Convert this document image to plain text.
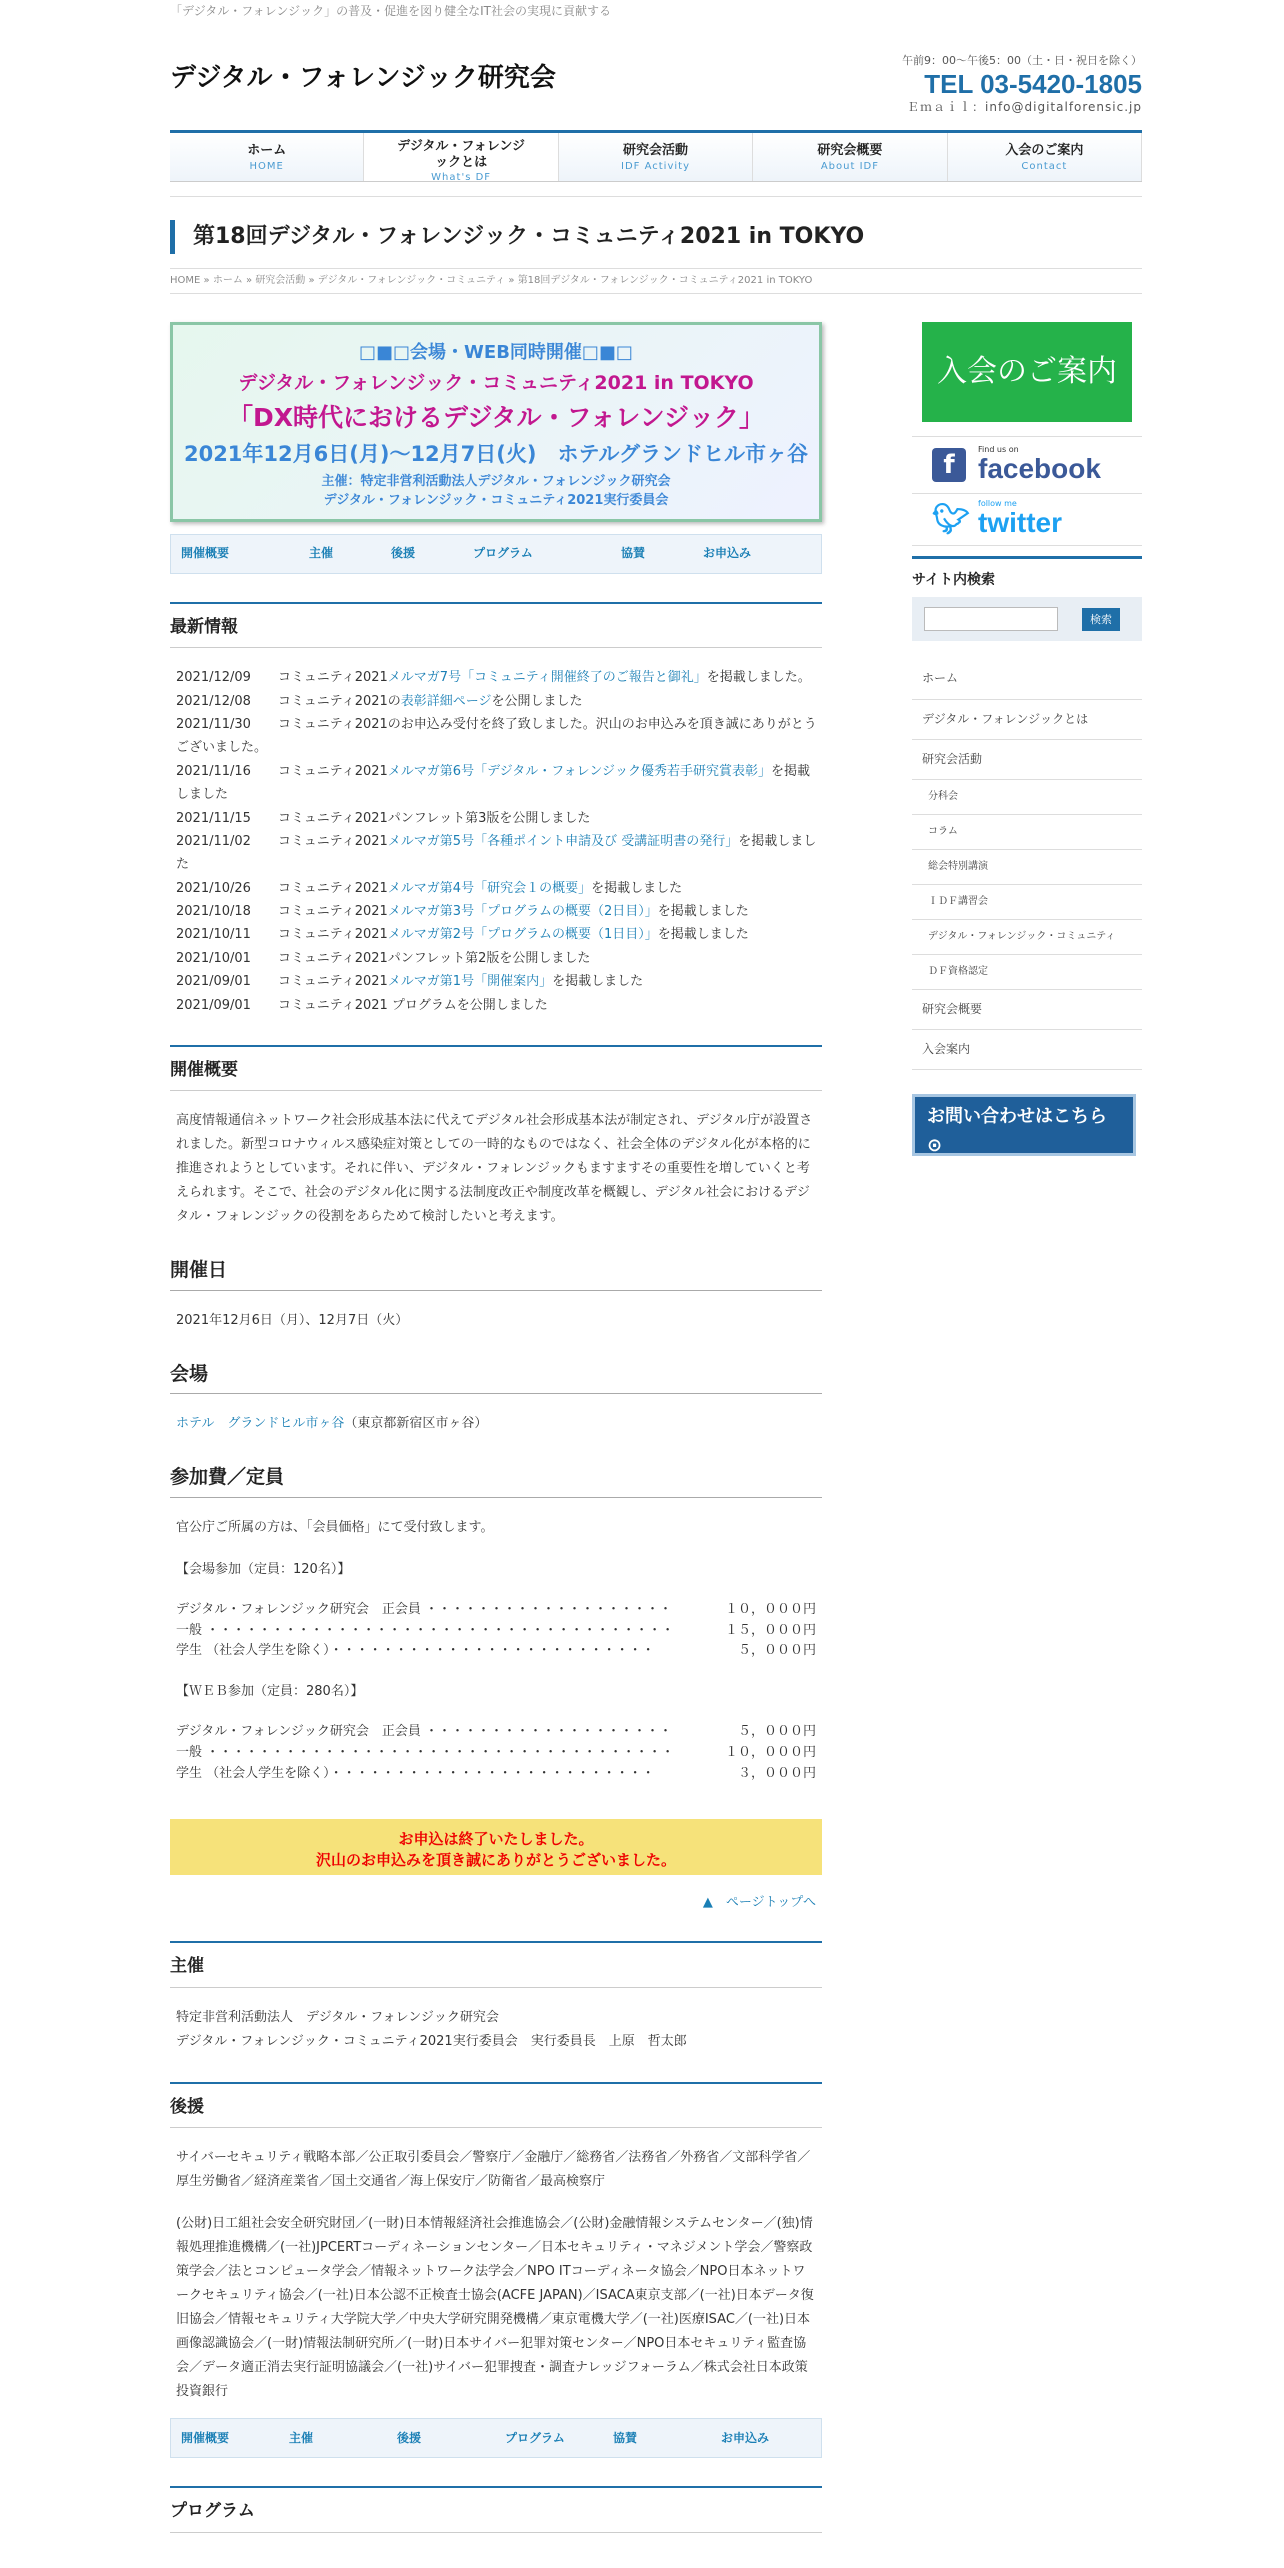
「デジタル・フォレンジック」の普及・促進を図り健全なIT社会の実現に貢献する
デジタル・フォレンジック研究会
午前9：00～午後5：00（土・日・祝日を除く）
TEL 03-5420-1805
Ｅｍａｉｌ：info@digitalforensic.jp
ホーム
HOME
デジタル・フォレンジックとは
What's DF
研究会活動
IDF Activity
研究会概要
About IDF
入会のご案内
Contact
第18回デジタル・フォレンジック・コミュニティ2021 in TOKYO
HOME » ホーム » 研究会活動 » デジタル・フォレンジック・コミュニティ » 第18回デジタル・フォレンジック・コミュニティ2021 in TOKYO
□■□会場・WEB同時開催□■□
デジタル・フォレンジック・コミュニティ2021 in TOKYO
「DX時代におけるデジタル・フォレンジック」
2021年12月6日(月)～12月7日(火)　ホテルグランドヒル市ヶ谷
主催：特定非営利活動法人デジタル・フォレンジック研究会
デジタル・フォレンジック・コミュニティ2021実行委員会
開催概要	主催	後援	プログラム	協賛	お申込み
最新情報
2021/12/09 コミュニティ2021メルマガ7号「コミュニティ開催終了のご報告と御礼」を掲載しました。
2021/12/08 コミュニティ2021の表彰詳細ページを公開しました
2021/11/30 コミュニティ2021のお申込み受付を終了致しました。沢山のお申込みを頂き誠にありがとうございました。
2021/11/16 コミュニティ2021メルマガ第6号「デジタル・フォレンジック優秀若手研究賞表彰」を掲載しました
2021/11/15 コミュニティ2021パンフレット第3版を公開しました
2021/11/02 コミュニティ2021メルマガ第5号「各種ポイント申請及び 受講証明書の発行」を掲載しました
2021/10/26 コミュニティ2021メルマガ第4号「研究会１の概要」を掲載しました
2021/10/18 コミュニティ2021メルマガ第3号「プログラムの概要（2日目）」を掲載しました
2021/10/11 コミュニティ2021メルマガ第2号「プログラムの概要（1日目）」を掲載しました
2021/10/01 コミュニティ2021パンフレット第2版を公開しました
2021/09/01 コミュニティ2021メルマガ第1号「開催案内」を掲載しました
2021/09/01 コミュニティ2021 プログラムを公開しました
開催概要
高度情報通信ネットワーク社会形成基本法に代えてデジタル社会形成基本法が制定され、デジタル庁が設置されました。新型コロナウィルス感染症対策としての一時的なものではなく、社会全体のデジタル化が本格的に推進されようとしています。それに伴い、デジタル・フォレンジックもますますその重要性を増していくと考えられます。そこで、社会のデジタル化に関する法制度改正や制度改革を概観し、デジタル社会におけるデジタル・フォレンジックの役割をあらためて検討したいと考えます。
開催日
2021年12月6日（月）、12月7日（火）
会場
ホテル　グランドヒル市ヶ谷（東京都新宿区市ヶ谷）
参加費／定員
官公庁ご所属の方は、「会員価格」にて受付致します。
【会場参加（定員：120名）】
デジタル・フォレンジック研究会　正会員 ・・・・・・・・・・・・・・・・・・・	１０，０００円
一般 ・・・・・・・・・・・・・・・・・・・・・・・・・・・・・・・・・・・・	１５，０００円
学生 （社会人学生を除く）・・・・・・・・・・・・・・・・・・・・・・・・・	５，０００円
【ＷＥＢ参加（定員：280名）】
デジタル・フォレンジック研究会　正会員 ・・・・・・・・・・・・・・・・・・・	５，０００円
一般 ・・・・・・・・・・・・・・・・・・・・・・・・・・・・・・・・・・・・	１０，０００円
学生 （社会人学生を除く）・・・・・・・・・・・・・・・・・・・・・・・・・	３，０００円
お申込は終了いたしました。
沢山のお申込みを頂き誠にありがとうございました。
▲　ページトップへ
主催
特定非営利活動法人　デジタル・フォレンジック研究会
デジタル・フォレンジック・コミュニティ2021実行委員会　実行委員長　上原　哲太郎
後援
サイバーセキュリティ戦略本部／公正取引委員会／警察庁／金融庁／総務省／法務省／外務省／文部科学省／厚生労働省／経済産業省／国土交通省／海上保安庁／防衛省／最高検察庁
(公財)日工組社会安全研究財団／(一財)日本情報経済社会推進協会／(公財)金融情報システムセンター／(独)情報処理推進機構／(一社)JPCERTコーディネーションセンター／日本セキュリティ・マネジメント学会／警察政策学会／法とコンピュータ学会／情報ネットワーク法学会／NPO ITコーディネータ協会／NPO日本ネットワークセキュリティ協会／(一社)日本公認不正検査士協会(ACFE JAPAN)／ISACA東京支部／(一社)日本データ復旧協会／情報セキュリティ大学院大学／中央大学研究開発機構／東京電機大学／(一社)医療ISAC／(一社)日本画像認識協会／(一財)情報法制研究所／(一財)日本サイバー犯罪対策センター／NPO日本セキュリティ監査協会／データ適正消去実行証明協議会／(一社)サイバー犯罪捜査・調査ナレッジフォーラム／株式会社日本政策投資銀行
開催概要	主催	後援	プログラム	協賛	お申込み
プログラム
入会のご案内
f
Find us on
facebook
🐦︎ follow me
twitter
サイト内検索
検索
ホーム
デジタル・フォレンジックとは
研究会活動
分科会
コラム
総会特別講演
ＩＤＦ講習会
デジタル・フォレンジック・コミュニティ
ＤＦ資格認定
研究会概要
入会案内
お問い合わせはこちら ⊙
お気軽にご相談・お問い合わせ下さい。
